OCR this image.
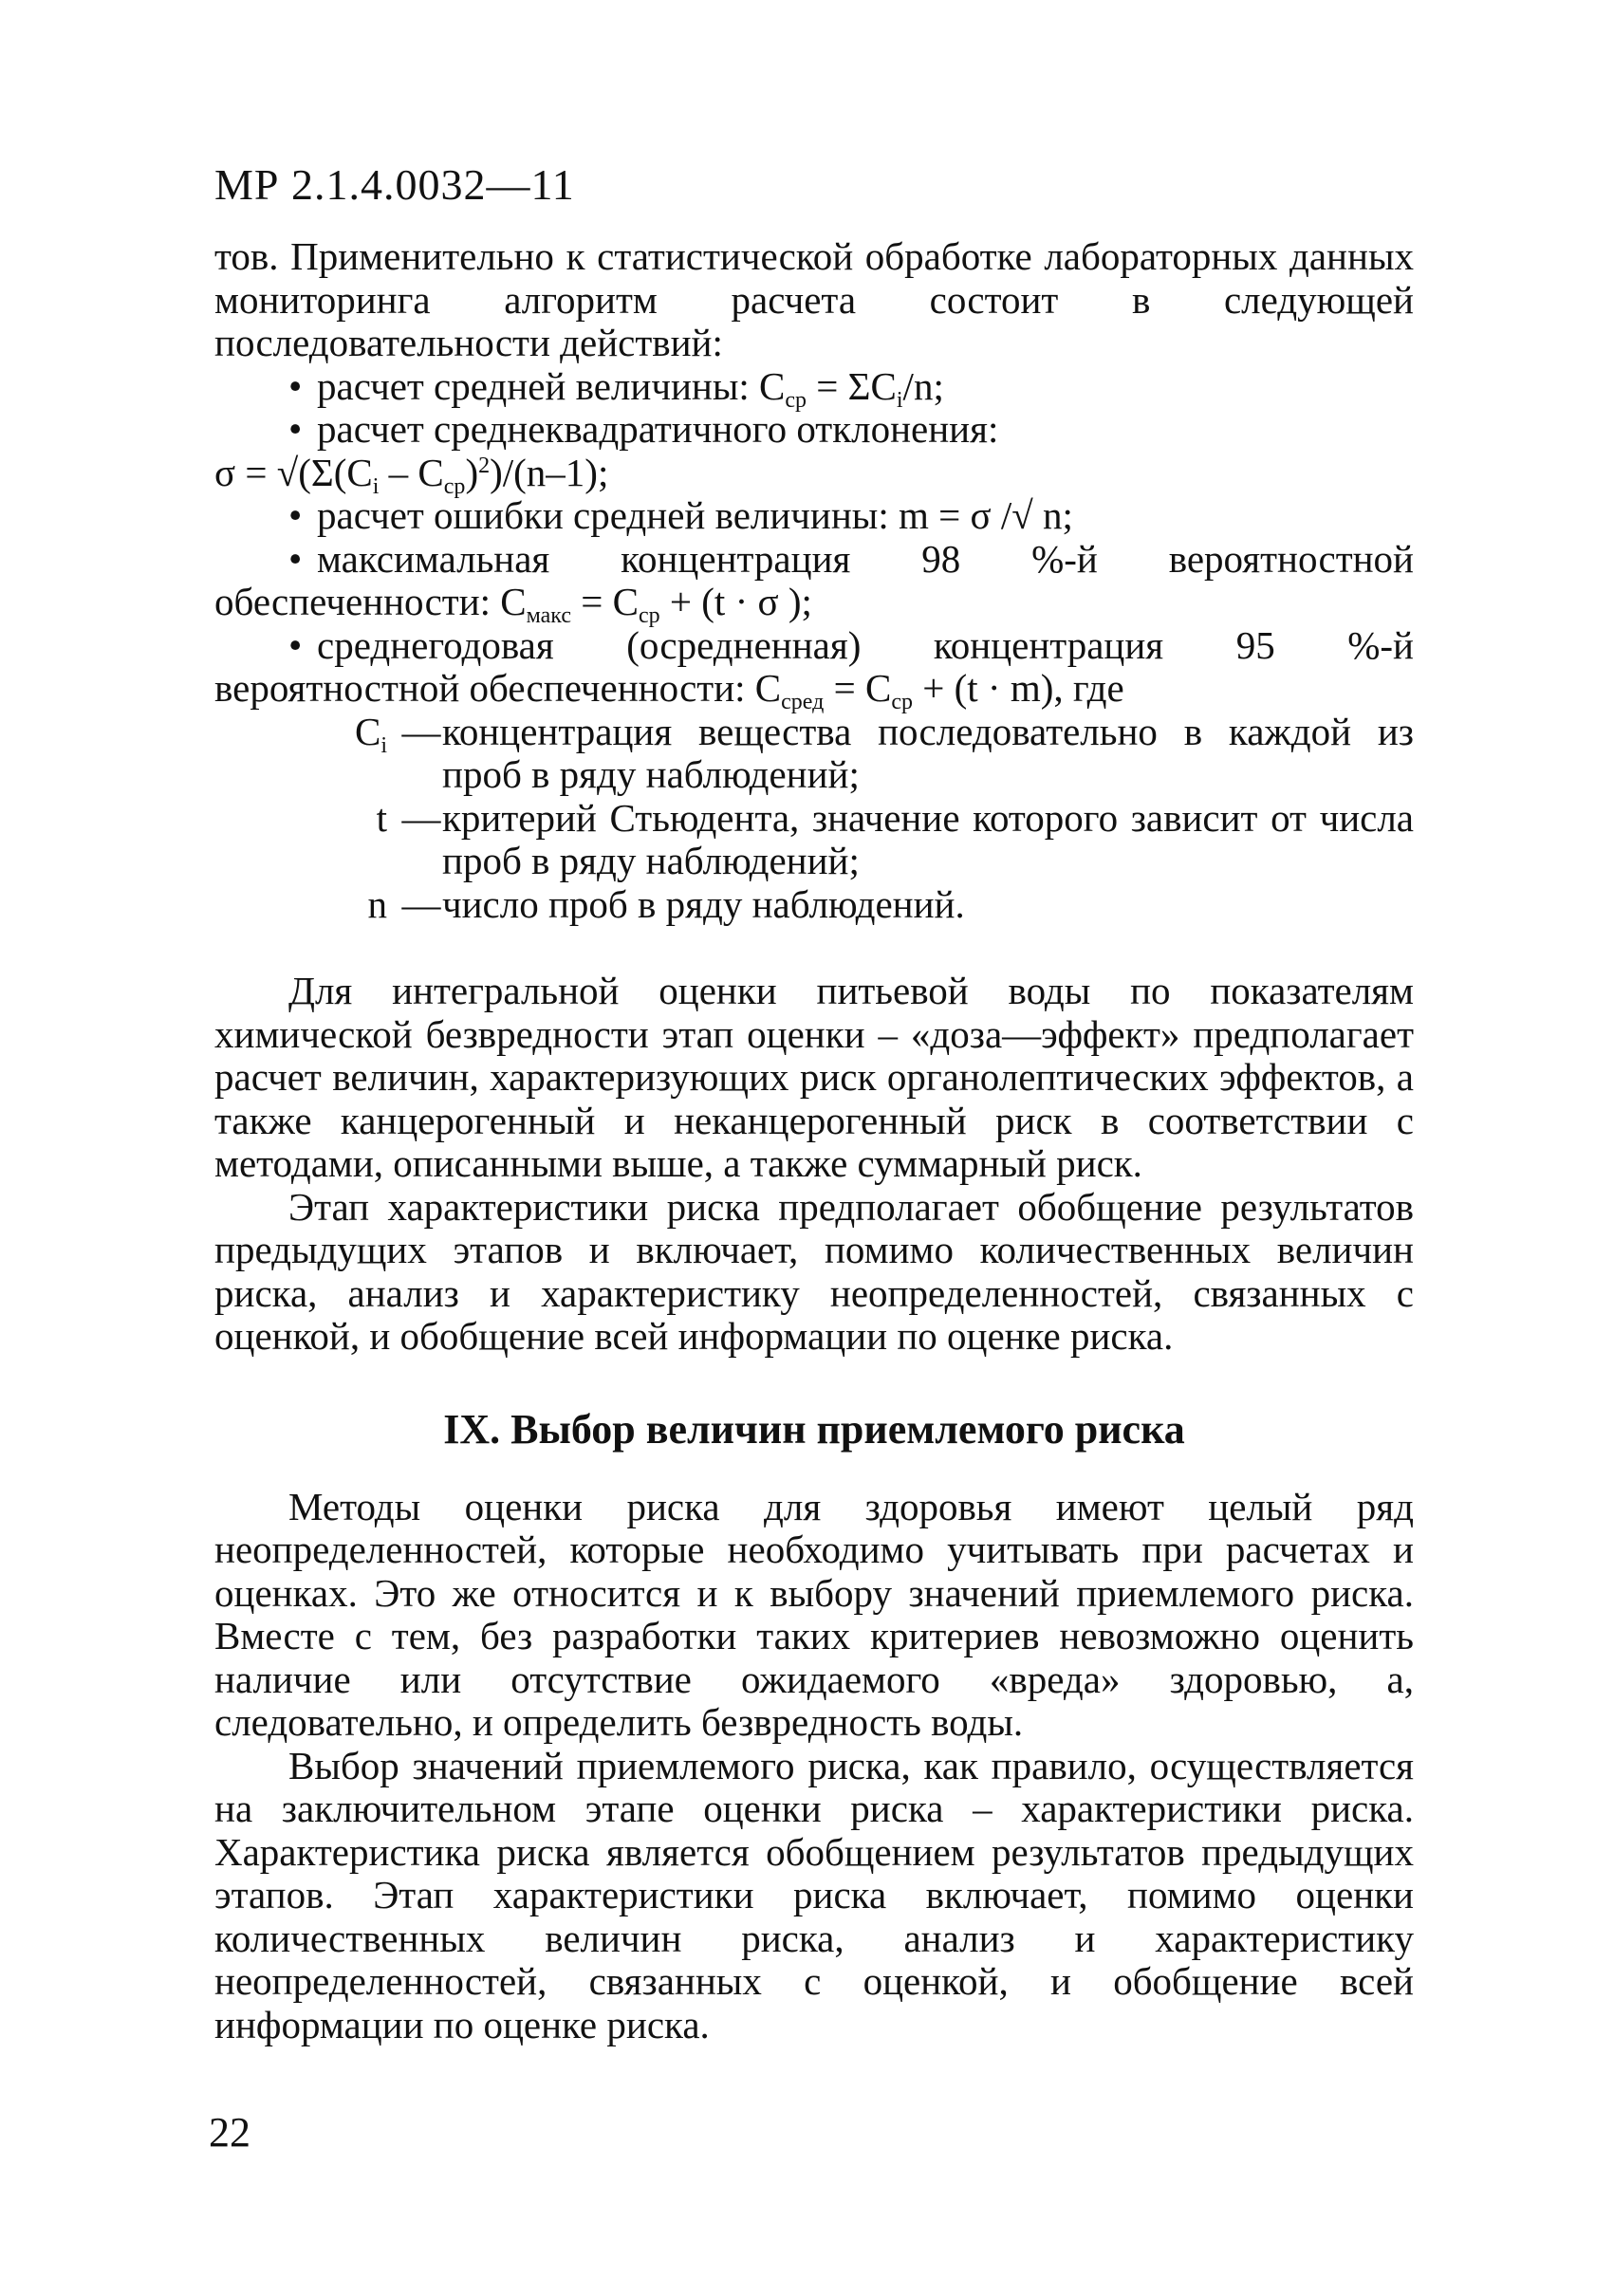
МР 2.1.4.0032—11

тов. Применительно к статистической обработке лабораторных данных мониторинга алгоритм расчета состоит в следующей последовательности действий:

• расчет средней величины: $C_{ср} = \Sigma C_i/n$;

• расчет среднеквадратичного отклонения:

$\sigma = √(\Sigma(C_i - C_{ср})^2)/(n-1)$;

• расчет ошибки средней величины: m = σ /√ n;

• максимальная концентрация 98 %-й вероятностной обеспеченности: $C_{макс} = C_{ср} + (t \cdot \sigma$ );

• среднегодовая (осредненная) концентрация 95 %-й вероятностной обеспеченности: $C_{сред} = C_{ср} + (t \cdot m)$, где

$C_i$ — концентрация вещества последовательно в каждой из проб в ряду наблюдений;
t — критерий Стьюдента, значение которого зависит от числа проб в ряду наблюдений;
n — число проб в ряду наблюдений.

Для интегральной оценки питьевой воды по показателям химической безвредности этап оценки – «доза—эффект» предполагает расчет величин, характеризующих риск органолептических эффектов, а также канцерогенный и неканцерогенный риск в соответствии с методами, описанными выше, а также суммарный риск.

Этап характеристики риска предполагает обобщение результатов предыдущих этапов и включает, помимо количественных величин риска, анализ и характеристику неопределенностей, связанных с оценкой, и обобщение всей информации по оценке риска.

IX. Выбор величин приемлемого риска

Методы оценки риска для здоровья имеют целый ряд неопределенностей, которые необходимо учитывать при расчетах и оценках. Это же относится и к выбору значений приемлемого риска. Вместе с тем, без разработки таких критериев невозможно оценить наличие или отсутствие ожидаемого «вреда» здоровью, а, следовательно, и определить безвредность воды.

Выбор значений приемлемого риска, как правило, осуществляется на заключительном этапе оценки риска – характеристики риска. Характеристика риска является обобщением результатов предыдущих этапов. Этап характеристики риска включает, помимо оценки количественных величин риска, анализ и характеристику неопределенностей, связанных с оценкой, и обобщение всей информации по оценке риска.

22
